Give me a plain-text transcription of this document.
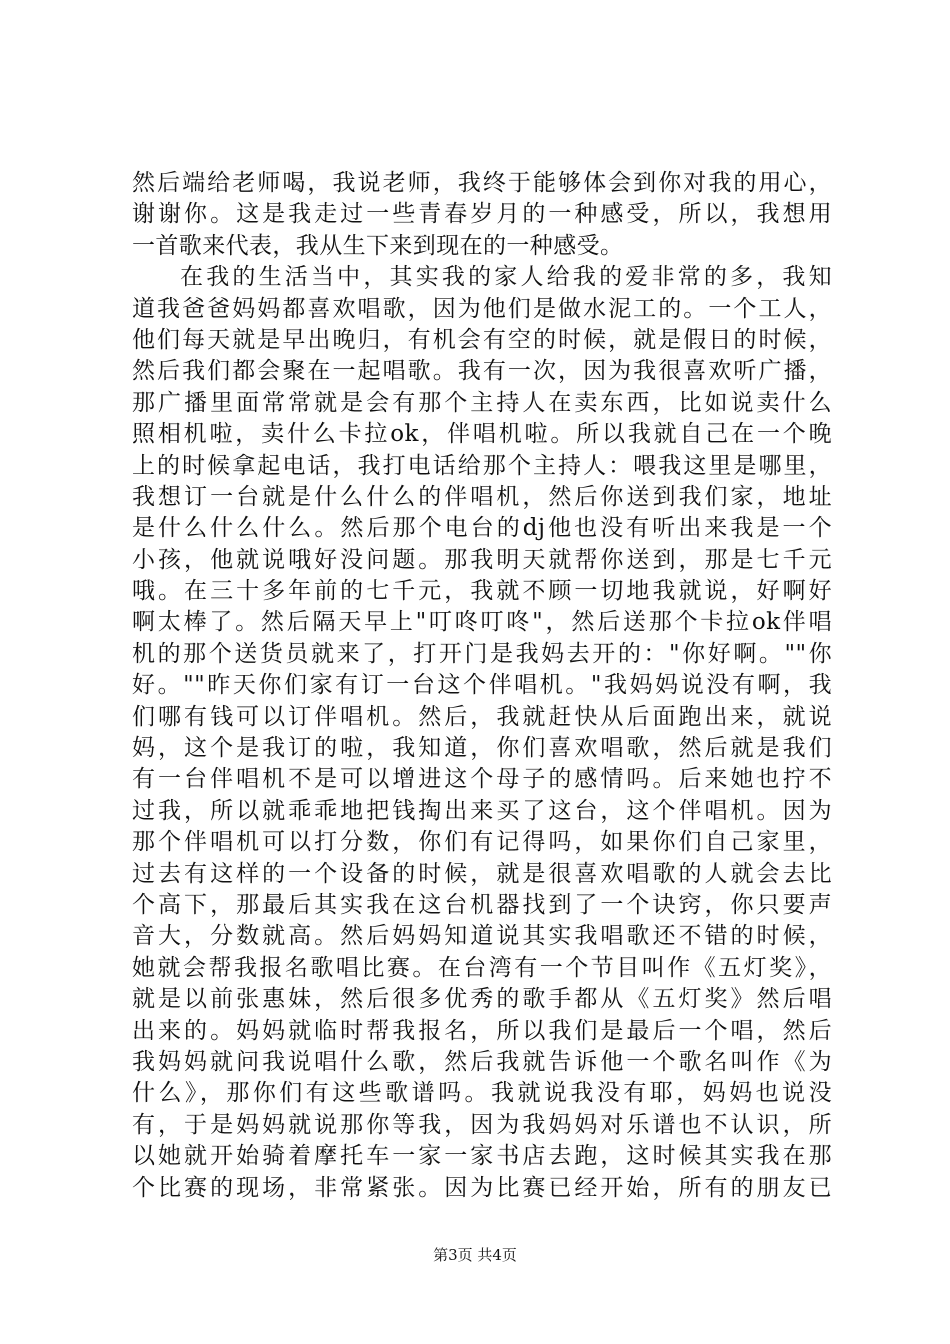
然后端给老师喝，我说老师，我终于能够体会到你对我的用心，
谢谢你。这是我走过一些青春岁月的一种感受，所以，我想用
一首歌来代表，我从生下来到现在的一种感受。
在我的生活当中，其实我的家人给我的爱非常的多，我知
道我爸爸妈妈都喜欢唱歌，因为他们是做水泥工的。一个工人，
他们每天就是早出晚归，有机会有空的时候，就是假日的时候，
然后我们都会聚在一起唱歌。我有一次，因为我很喜欢听广播，
那广播里面常常就是会有那个主持人在卖东西，比如说卖什么
照相机啦，卖什么卡拉ok，伴唱机啦。所以我就自己在一个晚
上的时候拿起电话，我打电话给那个主持人：喂我这里是哪里，
我想订一台就是什么什么的伴唱机，然后你送到我们家，地址
是什么什么什么。然后那个电台的dj他也没有听出来我是一个
小孩，他就说哦好没问题。那我明天就帮你送到，那是七千元
哦。在三十多年前的七千元，我就不顾一切地我就说，好啊好
啊太棒了。然后隔天早上"叮咚叮咚"，然后送那个卡拉ok伴唱
机的那个送货员就来了，打开门是我妈去开的："你好啊。""你
好。""昨天你们家有订一台这个伴唱机。"我妈妈说没有啊，我
们哪有钱可以订伴唱机。然后，我就赶快从后面跑出来，就说
妈，这个是我订的啦，我知道，你们喜欢唱歌，然后就是我们
有一台伴唱机不是可以增进这个母子的感情吗。后来她也拧不
过我，所以就乖乖地把钱掏出来买了这台，这个伴唱机。因为
那个伴唱机可以打分数，你们有记得吗，如果你们自己家里，
过去有这样的一个设备的时候，就是很喜欢唱歌的人就会去比
个高下，那最后其实我在这台机器找到了一个诀窍，你只要声
音大，分数就高。然后妈妈知道说其实我唱歌还不错的时候，
她就会帮我报名歌唱比赛。在台湾有一个节目叫作《五灯奖》，
就是以前张惠妹，然后很多优秀的歌手都从《五灯奖》然后唱
出来的。妈妈就临时帮我报名，所以我们是最后一个唱，然后
我妈妈就问我说唱什么歌，然后我就告诉他一个歌名叫作《为
什么》，那你们有这些歌谱吗。我就说我没有耶，妈妈也说没
有，于是妈妈就说那你等我，因为我妈妈对乐谱也不认识，所
以她就开始骑着摩托车一家一家书店去跑，这时候其实我在那
个比赛的现场，非常紧张。因为比赛已经开始，所有的朋友已
第3页 共4页
